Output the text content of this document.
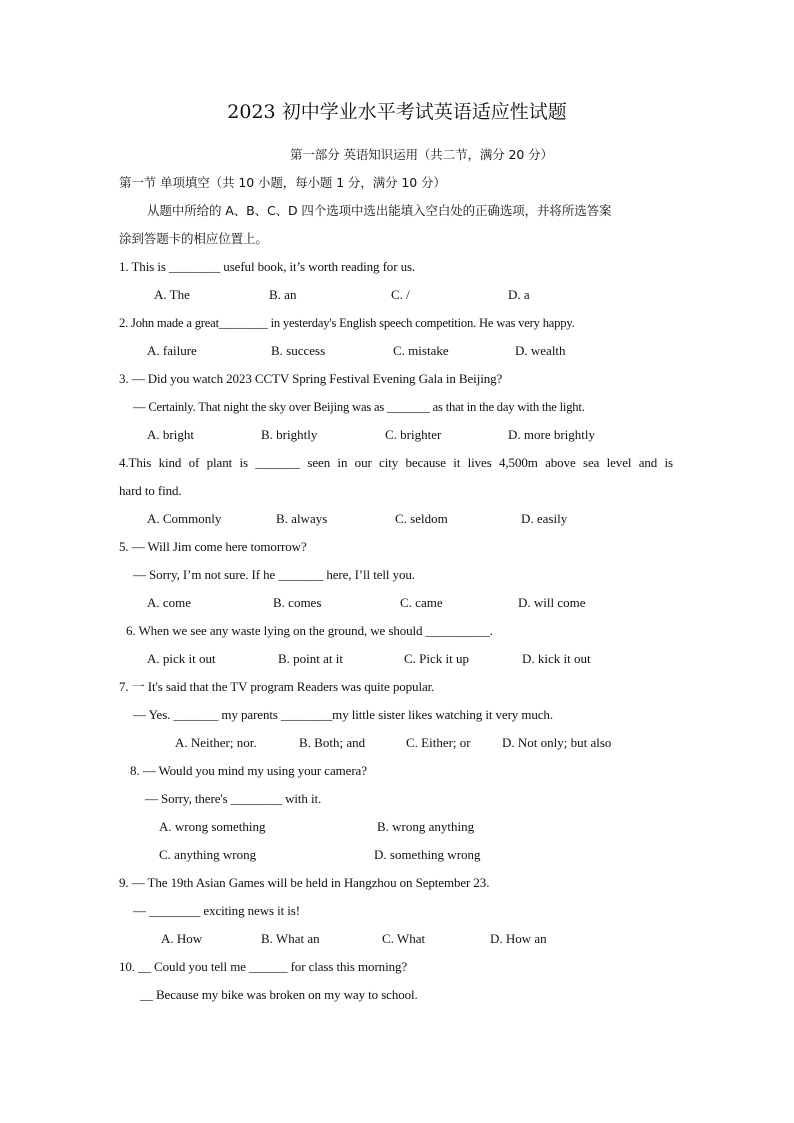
2023 初中学业水平考试英语适应性试题
第一部分 英语知识运用（共二节，满分 20 分）
第一节 单项填空（共 10 小题，每小题 1 分，满分 10 分）
从题中所给的 A、B、C、D 四个选项中选出能填入空白处的正确选项，并将所选答案
涂到答题卡的相应位置上。
1. This is ________ useful book, it’s worth reading for us.
A. The	B. an	C. /	D. a
2. John made a great________ in yesterday's English speech competition. He was very happy.
A. failure	B. success	C. mistake	D. wealth
3. — Did you watch 2023 CCTV Spring Festival Evening Gala in Beijing?
— Certainly. That night the sky over Beijing was as _______ as that in the day with the light.
A. bright	B. brightly	C. brighter	D. more brightly
4.This kind of plant is _______ seen in our city because it lives 4,500m above sea level and is
hard to find.
A. Commonly	B. always	C. seldom	D. easily
5. — Will Jim come here tomorrow?
— Sorry, I’m not sure. If he _______ here, I’ll tell you.
A. come	B. comes	C. came	D. will come
6. When we see any waste lying on the ground, we should __________.
A. pick it out	B. point at it	C. Pick it up	D. kick it out
7. 一 It's said that the TV program Readers was quite popular.
— Yes. _______ my parents ________my little sister likes watching it very much.
A. Neither; nor.	B. Both; and	C. Either; or D. Not only; but also
8. — Would you mind my using your camera?
— Sorry, there's ________ with it.
A. wrong something	B. wrong anything
C. anything wrong	D. something wrong
9. — The 19th Asian Games will be held in Hangzhou on September 23.
— ________ exciting news it is!
A. How	B. What an	C. What	D. How an
10. __ Could you tell me ______ for class this morning?
__ Because my bike was broken on my way to school.
